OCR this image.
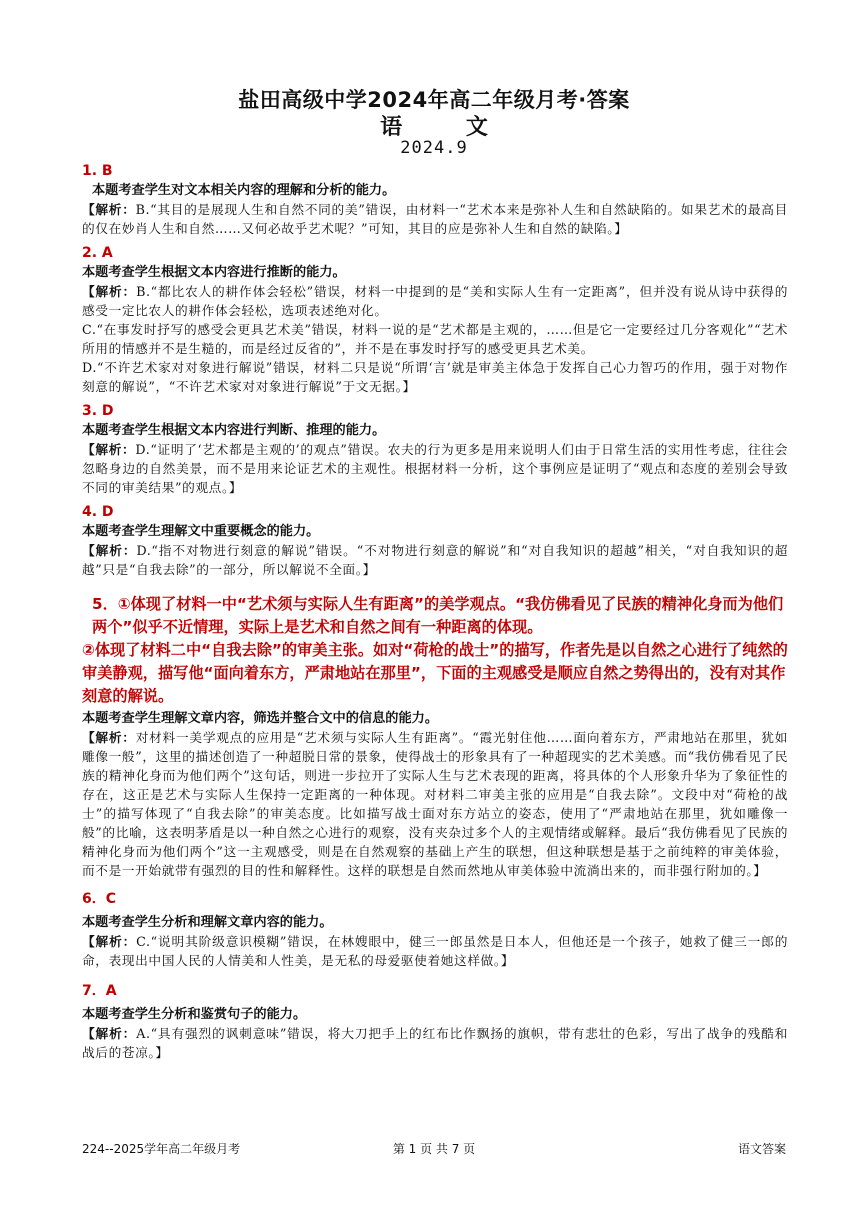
盐田高级中学2024年高二年级月考·答案
语 文
2024.9
1. B
本题考查学生对文本相关内容的理解和分析的能力。
【解析：B.“其目的是展现人生和自然不同的美”错误，由材料一“艺术本来是弥补人生和自然缺陷的。如果艺术的最高目的仅在妙肖人生和自然……又何必故乎艺术呢？”可知，其目的应是弥补人生和自然的缺陷。】
2. A
本题考查学生根据文本内容进行推断的能力。
【解析：B.“都比农人的耕作体会轻松”错误，材料一中提到的是“美和实际人生有一定距离”，但并没有说从诗中获得的感受一定比农人的耕作体会轻松，选项表述绝对化。
C.“在事发时抒写的感受会更具艺术美”错误，材料一说的是“艺术都是主观的，……但是它一定要经过几分客观化”“艺术所用的情感并不是生糙的，而是经过反省的”，并不是在事发时抒写的感受更具艺术美。
D.“不许艺术家对对象进行解说”错误，材料二只是说“所谓‘言’就是审美主体急于发挥自己心力智巧的作用，强于对物作刻意的解说”，“不许艺术家对对象进行解说”于文无据。】
3. D
本题考查学生根据文本内容进行判断、推理的能力。
【解析：D.“证明了‘艺术都是主观的’的观点”错误。农夫的行为更多是用来说明人们由于日常生活的实用性考虑，往往会忽略身边的自然美景，而不是用来论证艺术的主观性。根据材料一分析，这个事例应是证明了“观点和态度的差别会导致不同的审美结果”的观点。】
4. D
本题考查学生理解文中重要概念的能力。
【解析：D.“指不对物进行刻意的解说”错误。“不对物进行刻意的解说”和“对自我知识的超越”相关，“对自我知识的超越”只是“自我去除”的一部分，所以解说不全面。】
5．①体现了材料一中“艺术须与实际人生有距离”的美学观点。“我仿佛看见了民族的精神化身而为他们两个”似乎不近情理，实际上是艺术和自然之间有一种距离的体现。
②体现了材料二中“自我去除”的审美主张。如对“荷枪的战士”的描写，作者先是以自然之心进行了纯然的审美静观，描写他“面向着东方，严肃地站在那里”，下面的主观感受是顺应自然之势得出的，没有对其作刻意的解说。
本题考查学生理解文章内容，筛选并整合文中的信息的能力。
【解析：对材料一美学观点的应用是“艺术须与实际人生有距离”。“霞光射住他……面向着东方，严肃地站在那里，犹如雕像一般”，这里的描述创造了一种超脱日常的景象，使得战士的形象具有了一种超现实的艺术美感。而“我仿佛看见了民族的精神化身而为他们两个”这句话，则进一步拉开了实际人生与艺术表现的距离，将具体的个人形象升华为了象征性的存在，这正是艺术与实际人生保持一定距离的一种体现。对材料二审美主张的应用是“自我去除”。文段中对“荷枪的战士”的描写体现了“自我去除”的审美态度。比如描写战士面对东方站立的姿态，使用了“严肃地站在那里，犹如雕像一般”的比喻，这表明茅盾是以一种自然之心进行的观察，没有夹杂过多个人的主观情绪或解释。最后“我仿佛看见了民族的精神化身而为他们两个”这一主观感受，则是在自然观察的基础上产生的联想，但这种联想是基于之前纯粹的审美体验，而不是一开始就带有强烈的目的性和解释性。这样的联想是自然而然地从审美体验中流淌出来的，而非强行附加的。】
6．C
本题考查学生分析和理解文章内容的能力。
【解析：C.“说明其阶级意识模糊”错误，在林嫂眼中，健三一郎虽然是日本人，但他还是一个孩子，她救了健三一郎的命，表现出中国人民的人情美和人性美，是无私的母爱驱使着她这样做。】
7．A
本题考查学生分析和鉴赏句子的能力。
【解析：A.“具有强烈的讽刺意味”错误，将大刀把手上的红布比作飘扬的旗帜，带有悲壮的色彩，写出了战争的残酷和战后的苍凉。】
224--2025学年高二年级月考	第 1 页 共 7 页	语文答案
